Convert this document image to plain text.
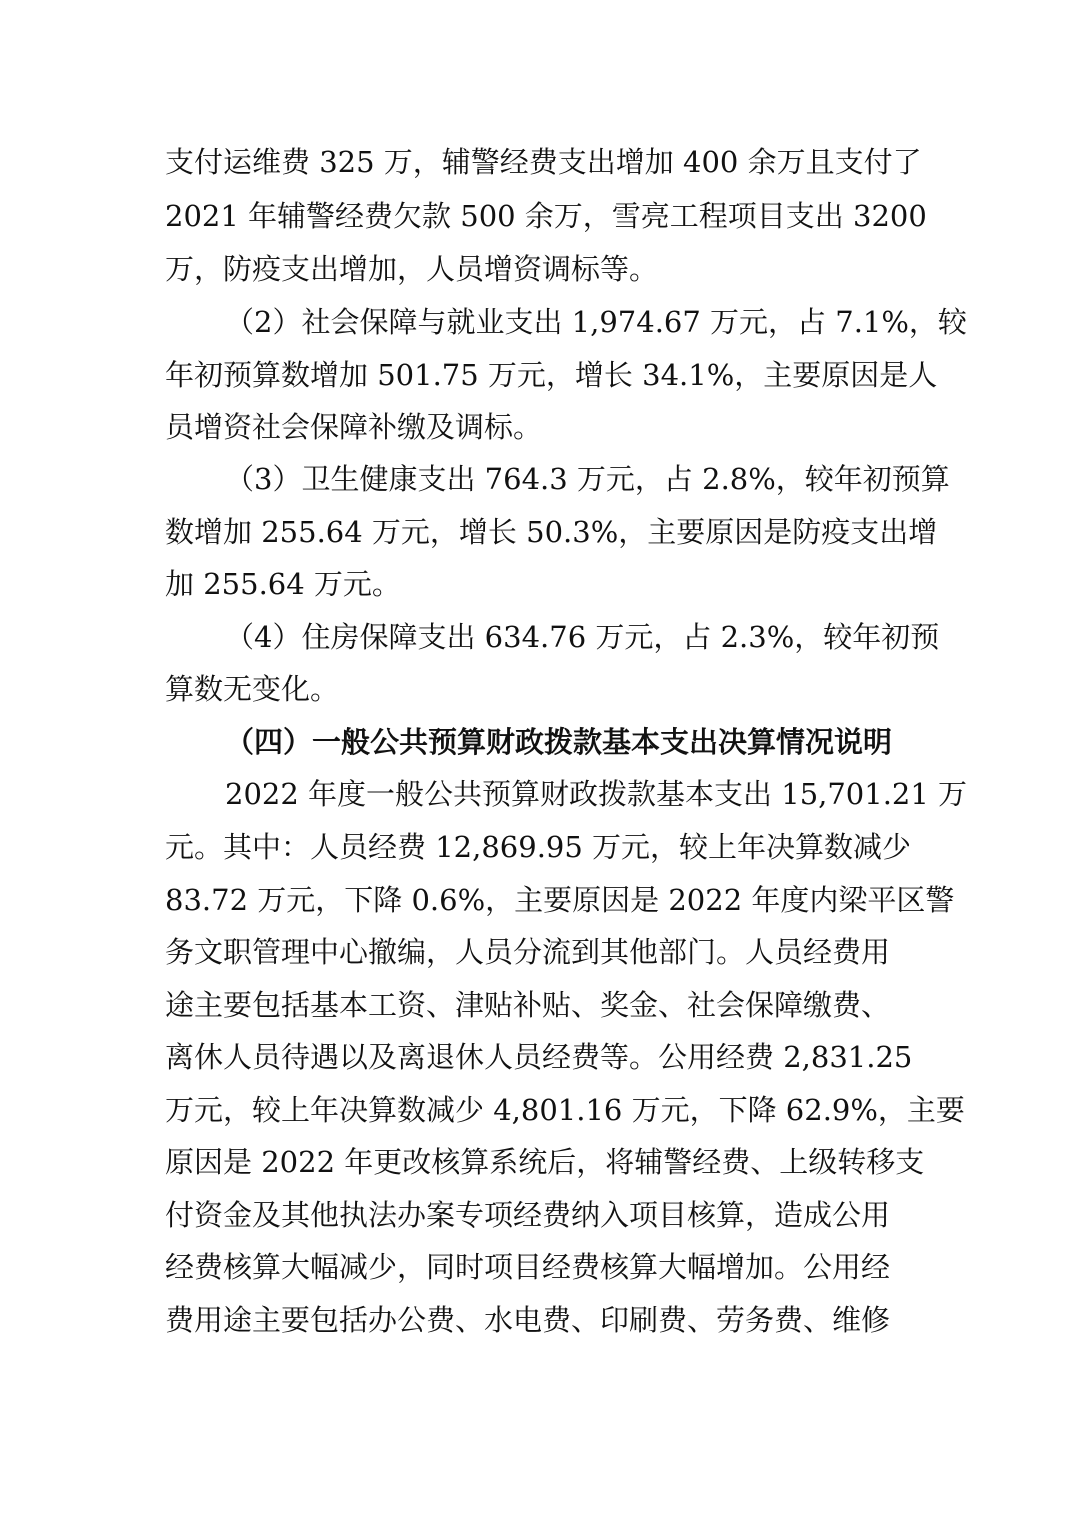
支付运维费 325 万，辅警经费支出增加 400 余万且支付了
2021 年辅警经费欠款 500 余万，雪亮工程项目支出 3200
万，防疫支出增加，人员增资调标等。
（2）社会保障与就业支出 1,974.67 万元，占 7.1%，较
年初预算数增加 501.75 万元，增长 34.1%，主要原因是人
员增资社会保障补缴及调标。
（3）卫生健康支出 764.3 万元，占 2.8%，较年初预算
数增加 255.64 万元，增长 50.3%，主要原因是防疫支出增
加 255.64 万元。
（4）住房保障支出 634.76 万元，占 2.3%，较年初预
算数无变化。
（四）一般公共预算财政拨款基本支出决算情况说明
2022 年度一般公共预算财政拨款基本支出 15,701.21 万
元。其中：人员经费 12,869.95 万元，较上年决算数减少
83.72 万元，下降 0.6%，主要原因是 2022 年度内梁平区警
务文职管理中心撤编，人员分流到其他部门。人员经费用
途主要包括基本工资、津贴补贴、奖金、社会保障缴费、
离休人员待遇以及离退休人员经费等。公用经费 2,831.25
万元，较上年决算数减少 4,801.16 万元，下降 62.9%，主要
原因是 2022 年更改核算系统后，将辅警经费、上级转移支
付资金及其他执法办案专项经费纳入项目核算，造成公用
经费核算大幅减少，同时项目经费核算大幅增加。公用经
费用途主要包括办公费、水电费、印刷费、劳务费、维修
